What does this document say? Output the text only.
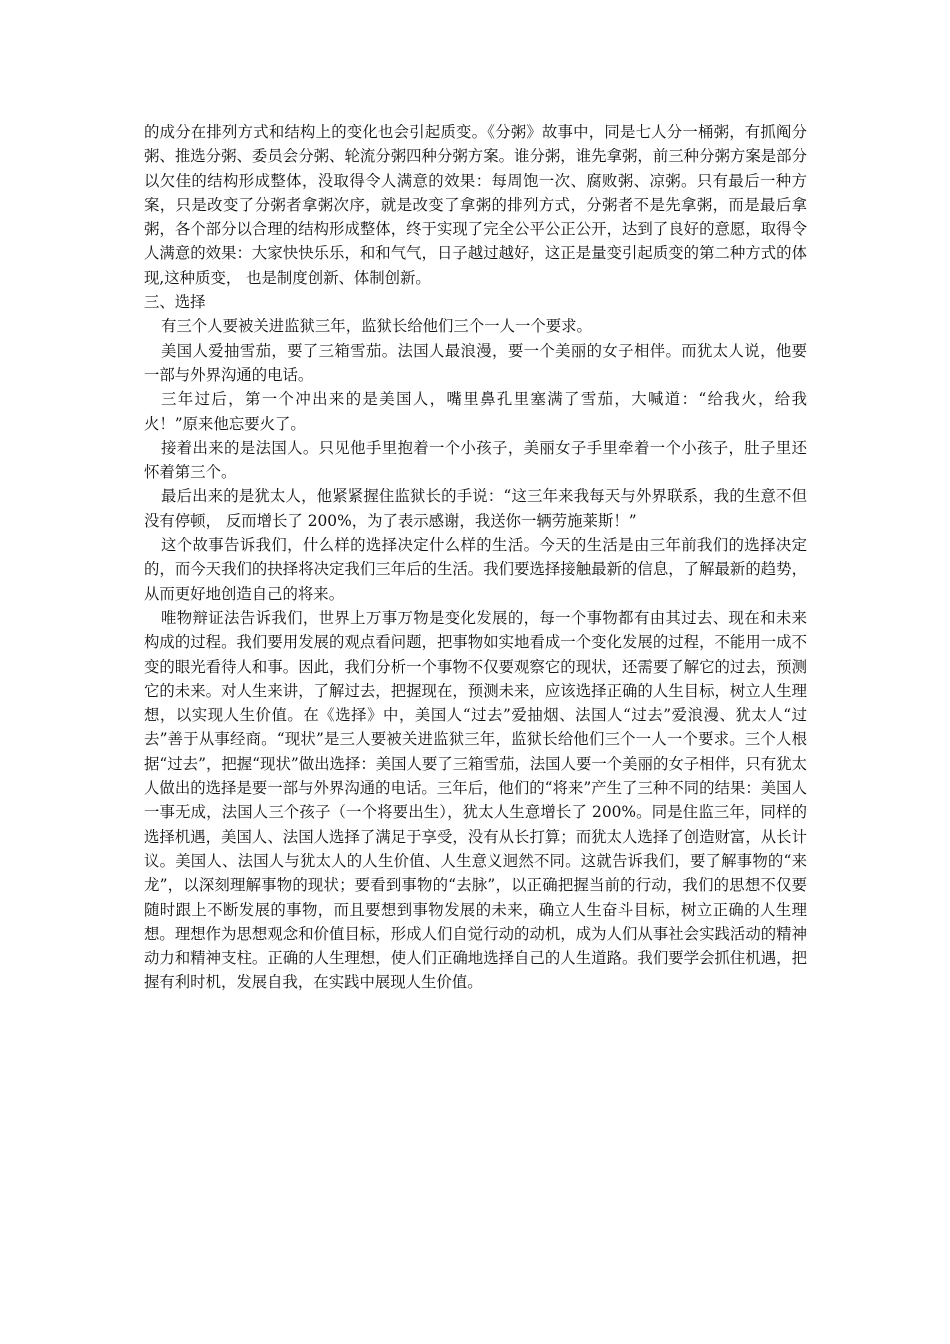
的成分在排列方式和结构上的变化也会引起质变。《分粥》故事中，同是七人分一桶粥，有抓阄分粥、推选分粥、委员会分粥、轮流分粥四种分粥方案。谁分粥，谁先拿粥，前三种分粥方案是部分以欠佳的结构形成整体，没取得令人满意的效果：每周饱一次、腐败粥、凉粥。只有最后一种方案，只是改变了分粥者拿粥次序，就是改变了拿粥的排列方式，分粥者不是先拿粥，而是最后拿粥，各个部分以合理的结构形成整体，终于实现了完全公平公正公开，达到了良好的意愿，取得令人满意的效果：大家快快乐乐，和和气气，日子越过越好，这正是量变引起质变的第二种方式的体现,这种质变， 也是制度创新、体制创新。

三、选择

有三个人要被关进监狱三年，监狱长给他们三个一人一个要求。

美国人爱抽雪茄，要了三箱雪茄。法国人最浪漫，要一个美丽的女子相伴。而犹太人说，他要一部与外界沟通的电话。

三年过后，第一个冲出来的是美国人，嘴里鼻孔里塞满了雪茄，大喊道：“给我火，给我火！”原来他忘要火了。

接着出来的是法国人。只见他手里抱着一个小孩子，美丽女子手里牵着一个小孩子，肚子里还怀着第三个。

最后出来的是犹太人，他紧紧握住监狱长的手说：“这三年来我每天与外界联系，我的生意不但没有停顿， 反而增长了 200%，为了表示感谢，我送你一辆劳施莱斯！”

这个故事告诉我们，什么样的选择决定什么样的生活。今天的生活是由三年前我们的选择决定的，而今天我们的抉择将决定我们三年后的生活。我们要选择接触最新的信息，了解最新的趋势，从而更好地创造自己的将来。

唯物辩证法告诉我们，世界上万事万物是变化发展的，每一个事物都有由其过去、现在和未来构成的过程。我们要用发展的观点看问题，把事物如实地看成一个变化发展的过程，不能用一成不变的眼光看待人和事。因此，我们分析一个事物不仅要观察它的现状，还需要了解它的过去，预测它的未来。对人生来讲，了解过去，把握现在，预测未来，应该选择正确的人生目标，树立人生理想，以实现人生价值。在《选择》中，美国人“过去”爱抽烟、法国人“过去”爱浪漫、犹太人“过去”善于从事经商。“现状”是三人要被关进监狱三年，监狱长给他们三个一人一个要求。三个人根据“过去”，把握“现状”做出选择：美国人要了三箱雪茄，法国人要一个美丽的女子相伴，只有犹太人做出的选择是要一部与外界沟通的电话。三年后，他们的“将来”产生了三种不同的结果：美国人一事无成，法国人三个孩子（一个将要出生），犹太人生意增长了 200%。同是住监三年，同样的选择机遇，美国人、法国人选择了满足于享受，没有从长打算；而犹太人选择了创造财富，从长计议。美国人、法国人与犹太人的人生价值、人生意义迥然不同。这就告诉我们，要了解事物的“来龙”，以深刻理解事物的现状；要看到事物的“去脉”，以正确把握当前的行动，我们的思想不仅要随时跟上不断发展的事物，而且要想到事物发展的未来，确立人生奋斗目标，树立正确的人生理想。理想作为思想观念和价值目标，形成人们自觉行动的动机，成为人们从事社会实践活动的精神动力和精神支柱。正确的人生理想，使人们正确地选择自己的人生道路。我们要学会抓住机遇，把握有利时机，发展自我，在实践中展现人生价值。
